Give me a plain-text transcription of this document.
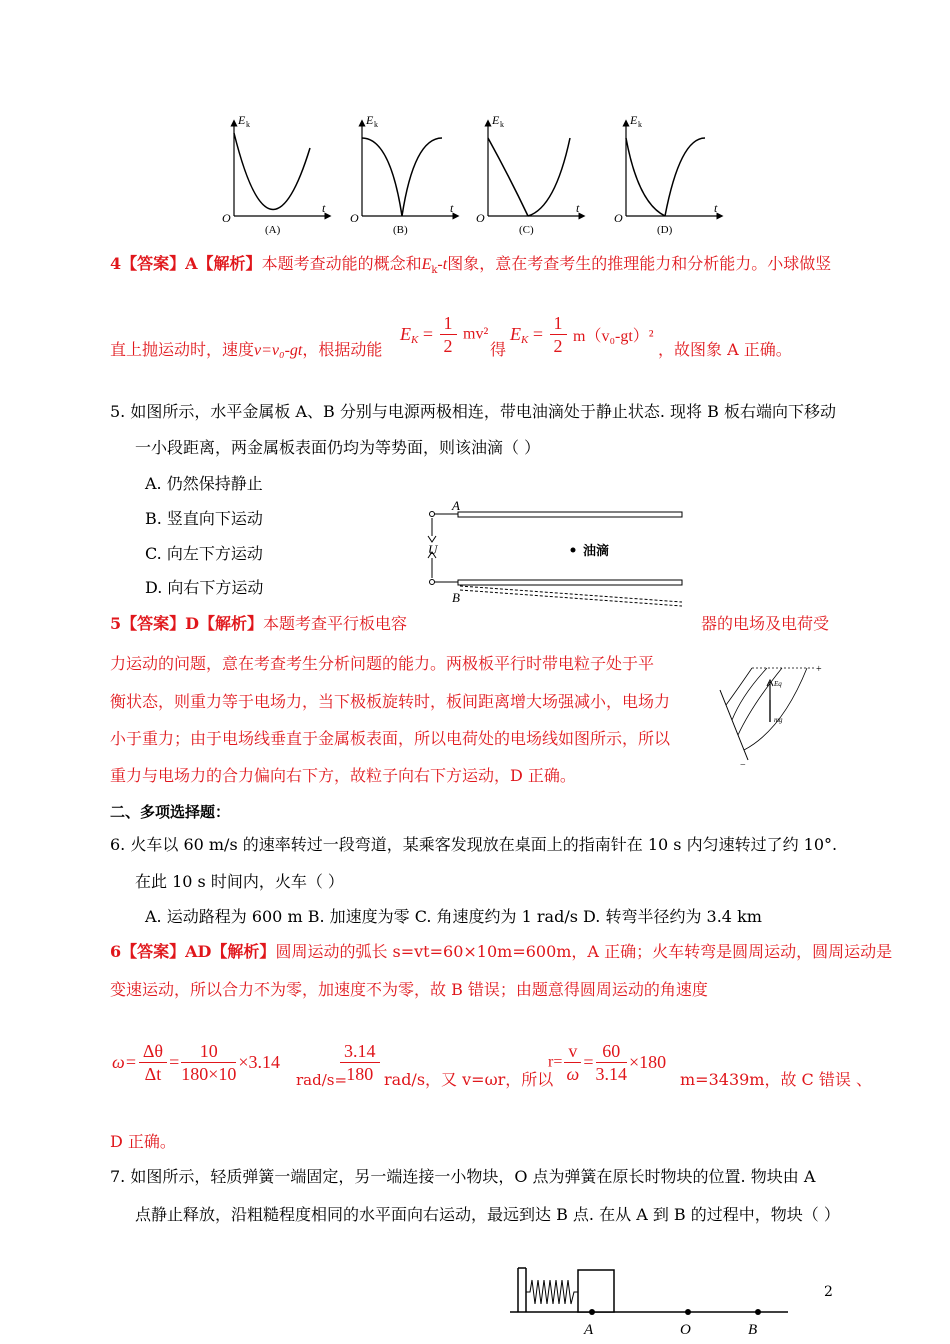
E k
t
O
E k
t
O
E k
t
O
E k
t
O
(A)	(B)	(C)	(D)
4【答案】A【解析】本题考查动能的概念和$E_k-t$图象，意在考查考生的推理能力和分析能力。小球做竖
直上抛运动时，速度v=v₀-gt，根据动能
$E_K = \frac{1}{2} mv^2$
得
$E_K = \frac{1}{2} m(v_0-gt)^2$
，故图象 A 正确。
5. 如图所示，水平金属板 A、B 分别与电源两极相连，带电油滴处于静止状态. 现将 B 板右端向下移动
一小段距离，两金属板表面仍均为等势面，则该油滴（ ）
A. 仍然保持静止
B. 竖直向下运动
C. 向左下方运动
D. 向右下方运动
U
A
B
油滴
5【答案】D【解析】本题考查平行板电容	器的电场及电荷受
力运动的问题，意在考查考生分析问题的能力。两极板平行时带电粒子处于平
衡状态，则重力等于电场力，当下极板旋转时，板间距离增大场强减小，电场力
小于重力；由于电场线垂直于金属板表面，所以电荷处的电场线如图所示，所以
重力与电场力的合力偏向右下方，故粒子向右下方运动，D 正确。
+
−
Eq
mg
二、多项选择题：
6. 火车以 60 m/s 的速率转过一段弯道，某乘客发现放在桌面上的指南针在 10 s 内匀速转过了约 10°.
在此 10 s 时间内，火车（ ）
A. 运动路程为 600 m B. 加速度为零 C. 角速度约为 1 rad/s D. 转弯半径约为 3.4 km
6【答案】AD【解析】圆周运动的弧长 s=vt=60×10m=600m，A 正确；火车转弯是圆周运动，圆周运动是
变速运动，所以合力不为零，加速度不为零，故 B 错误；由题意得圆周运动的角速度
$\omega= \frac{\Delta\theta}{\Delta t} = \frac{10}{180\times 10} \times 3.14$
rad/s=
$\frac{3.14}{180} rad/s$，又 v=ωr，所以
$r= \frac{v}{\omega} = \frac{60}{3.14} \times 180$
m=3439m，故 C 错误 、
D 正确。
7. 如图所示，轻质弹簧一端固定，另一端连接一小物块，O 点为弹簧在原长时物块的位置. 物块由 A
点静止释放，沿粗糙程度相同的水平面向右运动，最远到达 B 点. 在从 A 到 B 的过程中，物块（ ）
A	O	B
2
